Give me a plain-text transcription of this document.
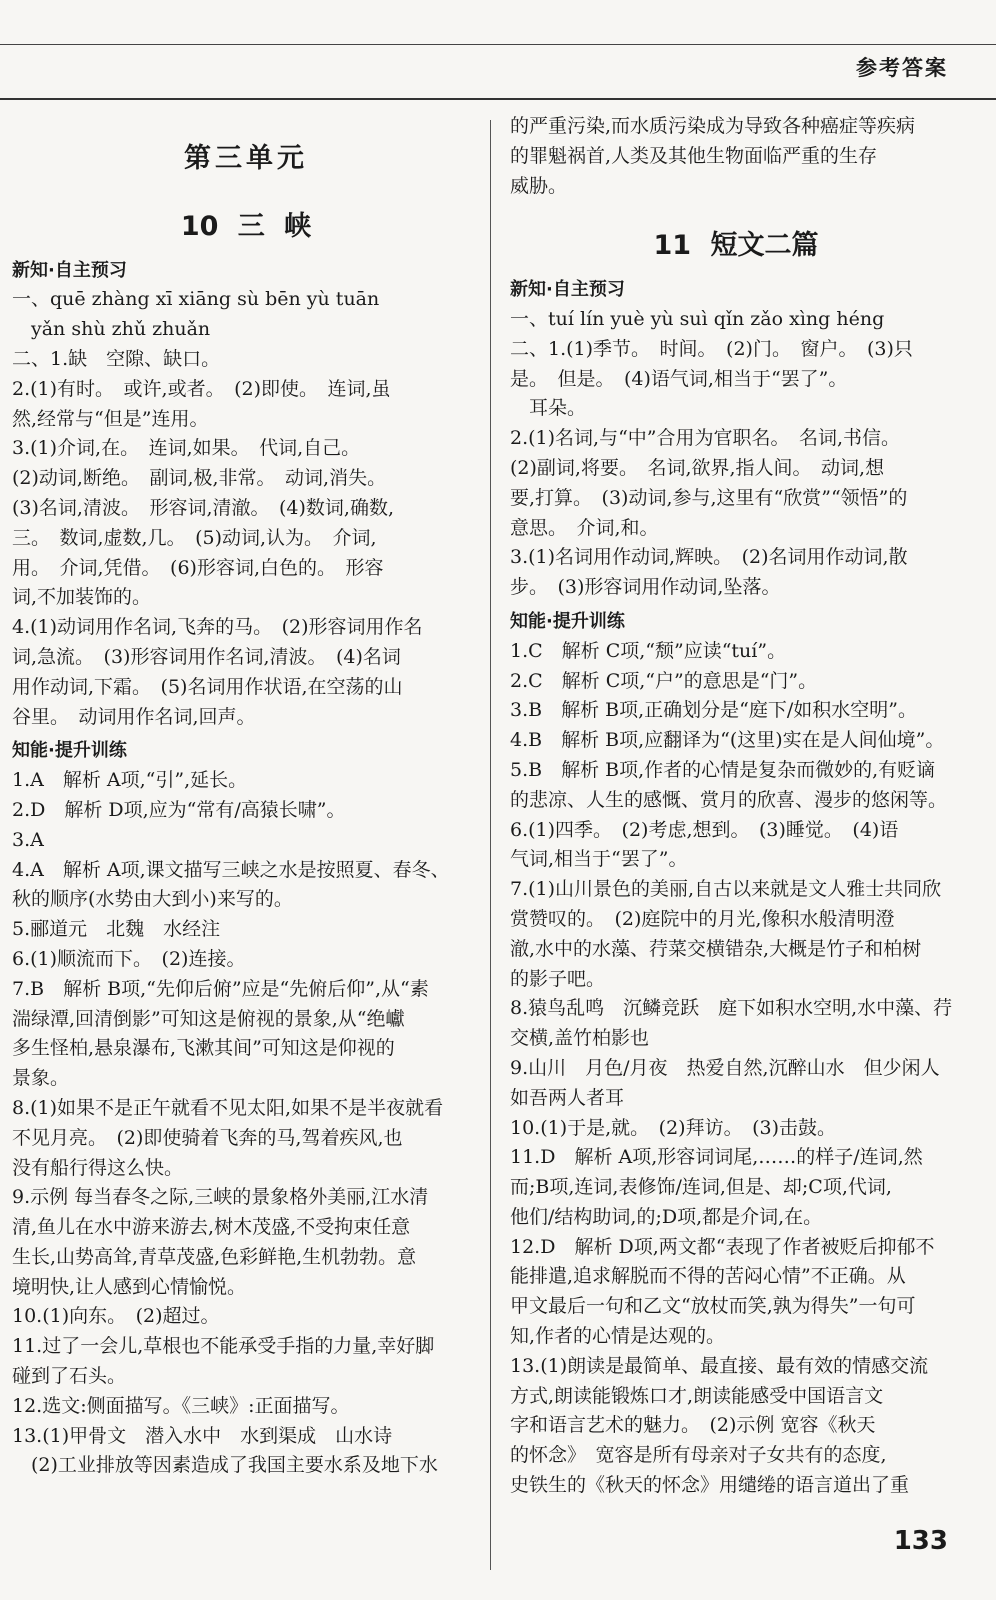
参考答案
第三单元
10 三 峡
新知·自主预习
一、quē zhàng xī xiāng sù bēn yù tuān
　yǎn shù zhǔ zhuǎn
二、1.缺　空隙、缺口。
2.(1)有时。　或许,或者。　(2)即使。　连词,虽
然,经常与“但是”连用。
3.(1)介词,在。　连词,如果。　代词,自己。
(2)动词,断绝。　副词,极,非常。　动词,消失。
(3)名词,清波。　形容词,清澈。　(4)数词,确数,
三。　数词,虚数,几。　(5)动词,认为。　介词,
用。　介词,凭借。　(6)形容词,白色的。　形容
词,不加装饰的。
4.(1)动词用作名词,飞奔的马。　(2)形容词用作名
词,急流。　(3)形容词用作名词,清波。　(4)名词
用作动词,下霜。　(5)名词用作状语,在空荡的山
谷里。　动词用作名词,回声。
知能·提升训练
1.A　解析 A项,“引”,延长。
2.D　解析 D项,应为“常有/高猿长啸”。
3.A
4.A　解析 A项,课文描写三峡之水是按照夏、春冬、
秋的顺序(水势由大到小)来写的。
5.郦道元　北魏　水经注
6.(1)顺流而下。　(2)连接。
7.B　解析 B项,“先仰后俯”应是“先俯后仰”,从“素
湍绿潭,回清倒影”可知这是俯视的景象,从“绝巘
多生怪柏,悬泉瀑布,飞漱其间”可知这是仰视的
景象。
8.(1)如果不是正午就看不见太阳,如果不是半夜就看
不见月亮。　(2)即使骑着飞奔的马,驾着疾风,也
没有船行得这么快。
9.示例 每当春冬之际,三峡的景象格外美丽,江水清
清,鱼儿在水中游来游去,树木茂盛,不受拘束任意
生长,山势高耸,青草茂盛,色彩鲜艳,生机勃勃。意
境明快,让人感到心情愉悦。
10.(1)向东。　(2)超过。
11.过了一会儿,草根也不能承受手指的力量,幸好脚
碰到了石头。
12.选文:侧面描写。《三峡》:正面描写。
13.(1)甲骨文　潜入水中　水到渠成　山水诗
　(2)工业排放等因素造成了我国主要水系及地下水
的严重污染,而水质污染成为导致各种癌症等疾病
的罪魁祸首,人类及其他生物面临严重的生存
威胁。
11 短文二篇
新知·自主预习
一、tuí lín yuè yù suì qǐn zǎo xìng héng
二、1.(1)季节。　时间。　(2)门。　窗户。　(3)只
是。　但是。　(4)语气词,相当于“罢了”。
　耳朵。
2.(1)名词,与“中”合用为官职名。　名词,书信。
(2)副词,将要。　名词,欲界,指人间。　动词,想
要,打算。　(3)动词,参与,这里有“欣赏”“领悟”的
意思。　介词,和。
3.(1)名词用作动词,辉映。　(2)名词用作动词,散
步。　(3)形容词用作动词,坠落。
知能·提升训练
1.C　解析 C项,“颓”应读“tuí”。
2.C　解析 C项,“户”的意思是“门”。
3.B　解析 B项,正确划分是“庭下/如积水空明”。
4.B　解析 B项,应翻译为“(这里)实在是人间仙境”。
5.B　解析 B项,作者的心情是复杂而微妙的,有贬谪
的悲凉、人生的感慨、赏月的欣喜、漫步的悠闲等。
6.(1)四季。　(2)考虑,想到。　(3)睡觉。　(4)语
气词,相当于“罢了”。
7.(1)山川景色的美丽,自古以来就是文人雅士共同欣
赏赞叹的。　(2)庭院中的月光,像积水般清明澄
澈,水中的水藻、荇菜交横错杂,大概是竹子和柏树
的影子吧。
8.猿鸟乱鸣　沉鳞竞跃　庭下如积水空明,水中藻、荇
交横,盖竹柏影也
9.山川　月色/月夜　热爱自然,沉醉山水　但少闲人
如吾两人者耳
10.(1)于是,就。　(2)拜访。　(3)击鼓。
11.D　解析 A项,形容词词尾,……的样子/连词,然
而;B项,连词,表修饰/连词,但是、却;C项,代词,
他们/结构助词,的;D项,都是介词,在。
12.D　解析 D项,两文都“表现了作者被贬后抑郁不
能排遣,追求解脱而不得的苦闷心情”不正确。从
甲文最后一句和乙文“放杖而笑,孰为得失”一句可
知,作者的心情是达观的。
13.(1)朗读是最简单、最直接、最有效的情感交流
方式,朗读能锻炼口才,朗读能感受中国语言文
字和语言艺术的魅力。　(2)示例 宽容《秋天
的怀念》　宽容是所有母亲对子女共有的态度,
史铁生的《秋天的怀念》用缱绻的语言道出了重
133
